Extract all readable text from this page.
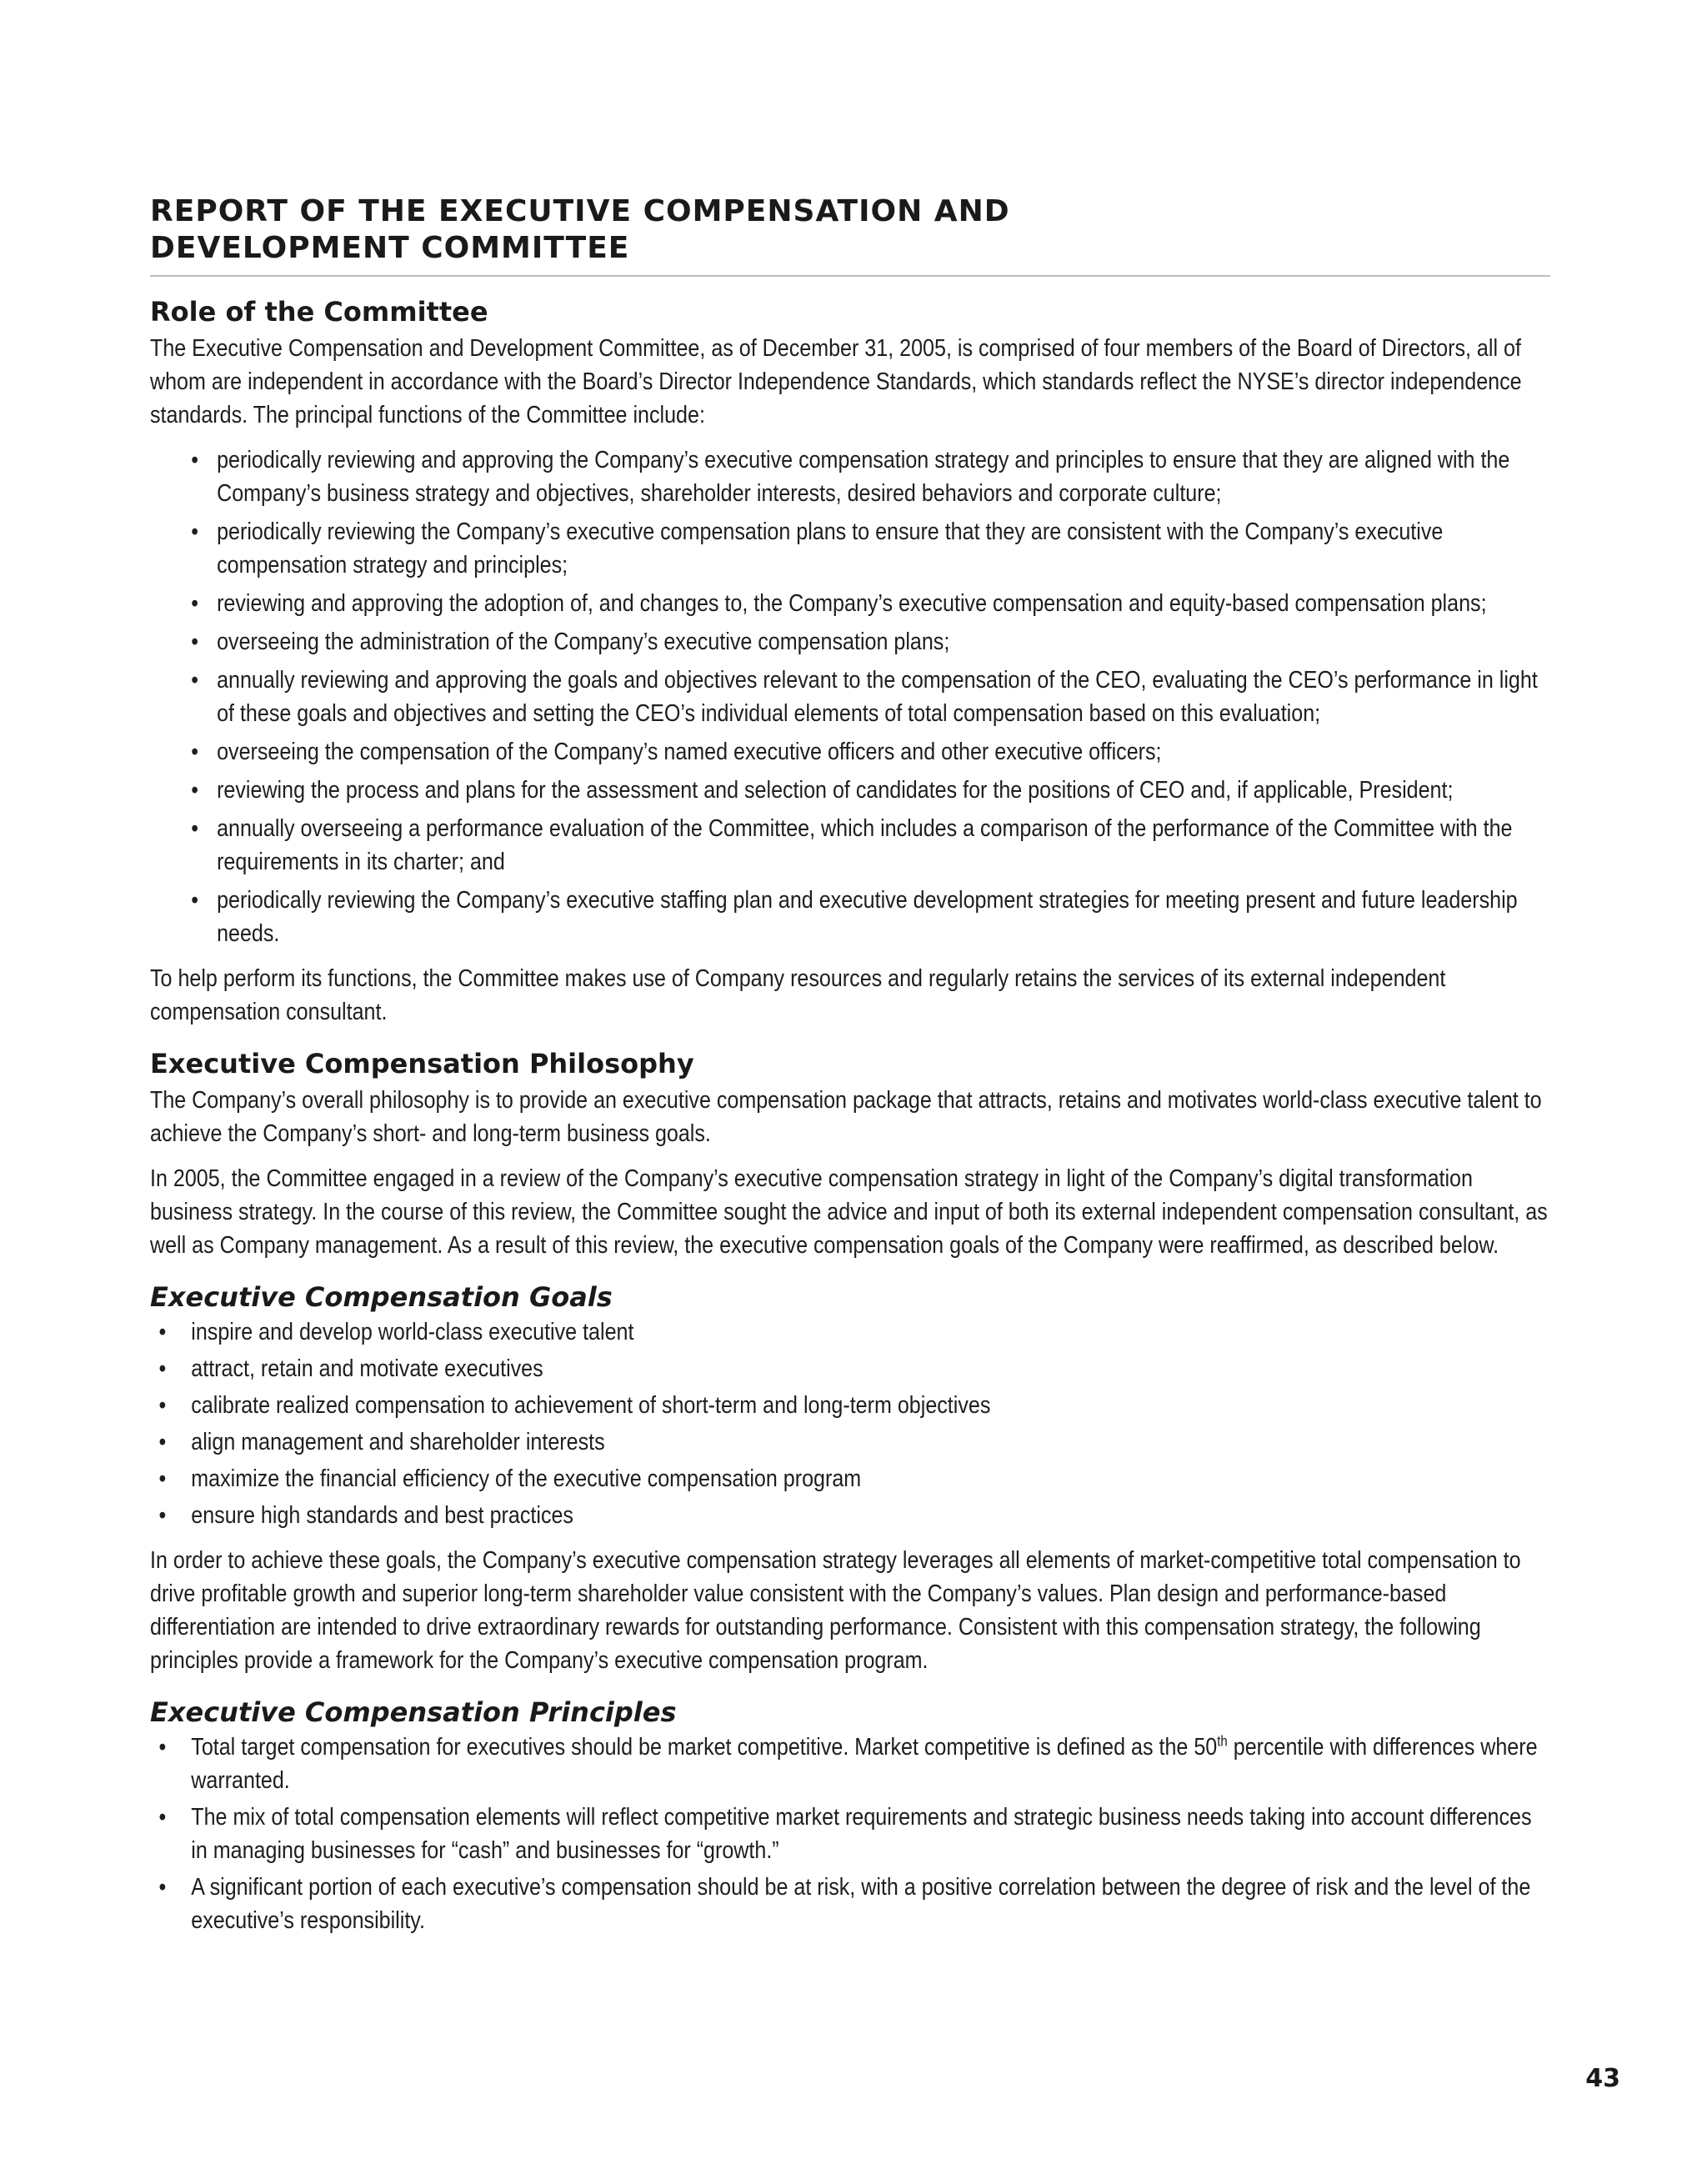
REPORT OF THE EXECUTIVE COMPENSATION AND
DEVELOPMENT COMMITTEE
Role of the Committee

The Executive Compensation and Development Committee, as of December 31, 2005, is comprised of four members of the Board of Directors, all of whom are independent in accordance with the Board’s Director Independence Standards, which standards reflect the NYSE’s director independence standards. The principal functions of the Committee include:

• periodically reviewing and approving the Company’s executive compensation strategy and principles to ensure that they are aligned with the Company’s business strategy and objectives, shareholder interests, desired behaviors and corporate culture;
• periodically reviewing the Company’s executive compensation plans to ensure that they are consistent with the Company’s executive compensation strategy and principles;
• reviewing and approving the adoption of, and changes to, the Company’s executive compensation and equity-based compensation plans;
• overseeing the administration of the Company’s executive compensation plans;
• annually reviewing and approving the goals and objectives relevant to the compensation of the CEO, evaluating the CEO’s performance in light of these goals and objectives and setting the CEO’s individual elements of total compensation based on this evaluation;
• overseeing the compensation of the Company’s named executive officers and other executive officers;
• reviewing the process and plans for the assessment and selection of candidates for the positions of CEO and, if applicable, President;
• annually overseeing a performance evaluation of the Committee, which includes a comparison of the performance of the Committee with the requirements in its charter; and
• periodically reviewing the Company’s executive staffing plan and executive development strategies for meeting present and future leadership needs.

To help perform its functions, the Committee makes use of Company resources and regularly retains the services of its external independent compensation consultant.

Executive Compensation Philosophy

The Company’s overall philosophy is to provide an executive compensation package that attracts, retains and motivates world-class executive talent to achieve the Company’s short- and long-term business goals.

In 2005, the Committee engaged in a review of the Company’s executive compensation strategy in light of the Company’s digital transformation business strategy. In the course of this review, the Committee sought the advice and input of both its external independent compensation consultant, as well as Company management. As a result of this review, the executive compensation goals of the Company were reaffirmed, as described below.

Executive Compensation Goals
• inspire and develop world-class executive talent
• attract, retain and motivate executives
• calibrate realized compensation to achievement of short-term and long-term objectives
• align management and shareholder interests
• maximize the financial efficiency of the executive compensation program
• ensure high standards and best practices

In order to achieve these goals, the Company’s executive compensation strategy leverages all elements of market-competitive total compensation to drive profitable growth and superior long-term shareholder value consistent with the Company’s values. Plan design and performance-based differentiation are intended to drive extraordinary rewards for outstanding performance. Consistent with this compensation strategy, the following principles provide a framework for the Company’s executive compensation program.

Executive Compensation Principles
• Total target compensation for executives should be market competitive. Market competitive is defined as the 50th percentile with differences where warranted.
• The mix of total compensation elements will reflect competitive market requirements and strategic business needs taking into account differences in managing businesses for “cash” and businesses for “growth.”
• A significant portion of each executive’s compensation should be at risk, with a positive correlation between the degree of risk and the level of the executive’s responsibility.
43
